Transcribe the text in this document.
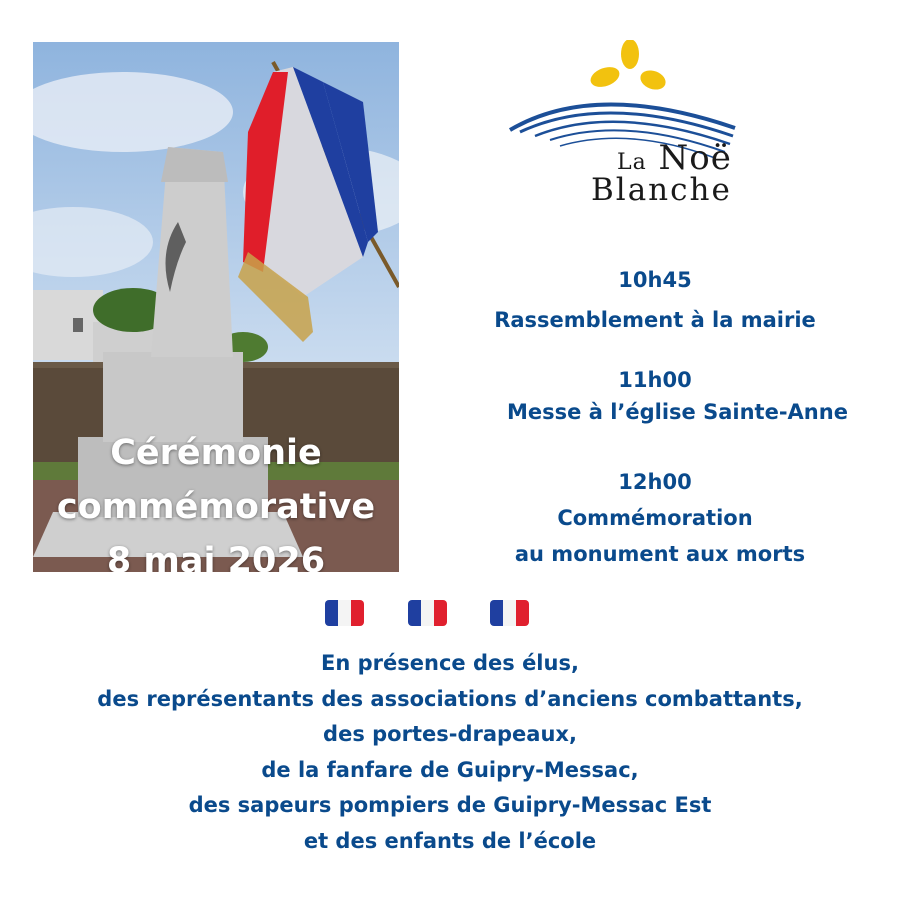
Cérémonie
commémorative
8 mai 2026
La Noë
Blanche
10h45
Rassemblement à la mairie
11h00
Messe à l’église Sainte-Anne
12h00
Commémoration
au monument aux morts
En présence des élus,
des représentants des associations d’anciens combattants,
des portes-drapeaux,
de la fanfare de Guipry-Messac,
des sapeurs pompiers de Guipry-Messac Est
et des enfants de l’école
